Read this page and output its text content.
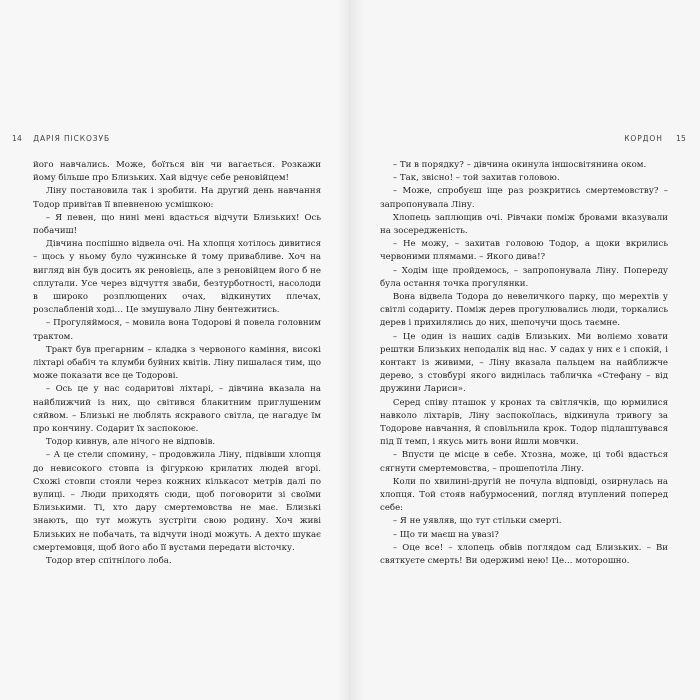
14 ДАРІЯ ПІСКОЗУБ

його навчались. Може, боїться він чи вагається. Розкажи йому більше про Близьких. Хай відчує себе реновійцем!

Ліну постановила так і зробити. На другий день навчання Тодор привітав її впевненою усмішкою:

– Я певен, що нині мені вдасться відчути Близьких! Ось побачиш!

Дівчина поспішно відвела очі. На хлопця хотілось дивитися – щось у ньому було чужинське й тому привабливе. Хоч на вигляд він був досить як реновієць, але з реновійцем його б не сплутали. Усе через відчуття зваби, безтурботності, насолоди в широко розплющених очах, відкинутих плечах, розслабленій ході… Це змушувало Ліну бентежитись.

– Прогуляймося, – мовила вона Тодорові й повела головним трактом.

Тракт був прегарним – кладка з червоного каміння, високі ліхтарі обабіч та клумби буйних квітів. Ліну пишалася тим, що може показати все це Тодорові.

– Ось це у нас содаритові ліхтарі, – дівчина вказала на найближчий із них, що світився блакитним приглушеним сяйвом. – Близькі не люблять яскравого світла, це нагадує їм про кончину. Содарит їх заспокоює.

Тодор кивнув, але нічого не відповів.

– А це стели спомину, – продовжила Ліну, підвівши хлопця до невисокого стовпа із фігуркою крилатих людей вгорі. Схожі стовпи стояли через кожних кількасот метрів далі по вулиці. – Люди приходять сюди, щоб поговорити зі своїми Близькими. Ті, хто дару смертемовства не має. Близькі знають, що тут можуть зустріти свою родину. Хоч живі Близьких не побачать, та відчути іноді можуть. А дехто шукає смертемовця, щоб його або її вустами передати вісточку.

Тодор втер спітнілого лоба.

КОРДОН 15

– Ти в порядку? – дівчина окинула іншосвітянина оком.

– Так, звісно! – той захитав головою.

– Може, спробуєш іще раз розкритись смертемовству? – запропонувала Ліну.

Хлопець заплющив очі. Рівчаки поміж бровами вказували на зосередженість.

– Не можу, – захитав головою Тодор, а щоки вкрились червоними плямами. – Якого дива!?

– Ходім іще пройдемось, – запропонувала Ліну. Попереду була остання точка прогулянки.

Вона відвела Тодора до невеличкого парку, що мерехтів у світлі содариту. Поміж дерев прогулювались люди, торкались дерев і прихилялись до них, шепочучи щось таємне.

– Це один із наших садів Близьких. Ми воліємо ховати рештки Близьких неподалік від нас. У садах у них є і спокій, і контакт із живими, – Ліну вказала пальцем на найближче дерево, з стовбурі якого виднілась табличка «Стефану – від дружини Лариси».

Серед співу пташок у кронах та світлячків, що юрмилися навколо ліхтарів, Ліну заспокоїлась, відкинула тривогу за Тодорове навчання, й сповільнила крок. Тодор підлаштувався під її темп, і якусь мить вони йшли мовчки.

– Впусти це місце в себе. Хтозна, може, ці тобі вдасться сягнути смертемовства, – прошепотіла Ліну.

Коли по хвилині-другій не почула відповіді, озирнулась на хлопця. Той стояв набурмосений, погляд втуплений поперед себе:

– Я не уявляв, що тут стільки смерті.

– Що ти маєш на увазі?

– Оце все! – хлопець обвів поглядом сад Близьких. – Ви святкуєте смерть! Ви одержимі нею! Це… моторошно.
